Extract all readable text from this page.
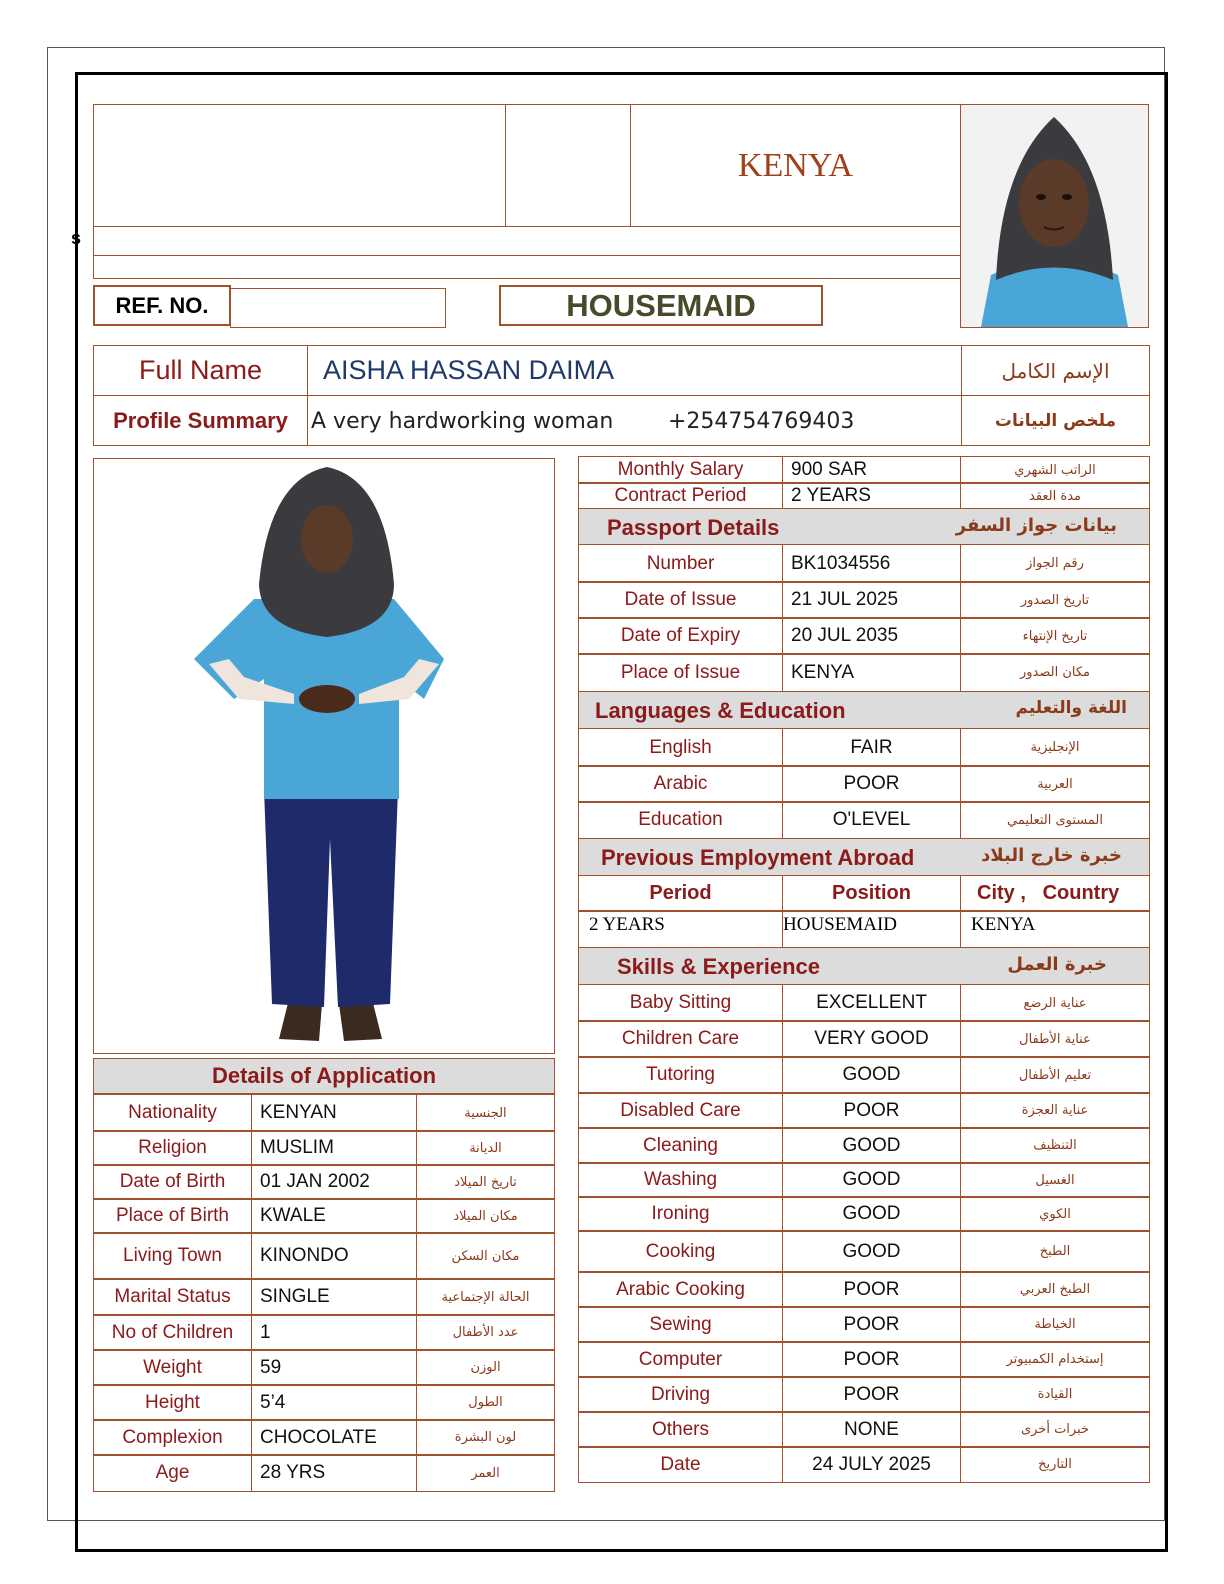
s
KENYA
REF. NO.	HOUSEMAID
Full Name	AISHA HASSAN DAIMA	الإسم الكامل
Profile Summary	A very hardworking woman +254754769403	ملخص البيانات
Details of Application
Nationality	KENYAN	الجنسية
Religion	MUSLIM	الديانة
Date of Birth	01 JAN 2002	تاريخ الميلاد
Place of Birth	KWALE	مكان الميلاد
Living Town	KINONDO	مكان السكن
Marital Status	SINGLE	الحالة الإجتماعية
No of Children	1	عدد الأطفال
Weight	59	الوزن
Height	5’4	الطول
Complexion	CHOCOLATE	لون البشرة
Age	28 YRS	العمر
Monthly Salary	900 SAR	الراتب الشهري
Contract Period	2 YEARS	مدة العقد
Passport Details	بيانات جواز السفر
Number	BK1034556	رقم الجواز
Date of Issue	21 JUL 2025	تاريخ الصدور
Date of Expiry	20 JUL 2035	تاريخ الإنتهاء
Place of Issue	KENYA	مكان الصدور
Languages & Education	اللغة والتعليم
English	FAIR	الإنجليزية
Arabic	POOR	العربية
Education	O'LEVEL	المستوى التعليمي
Previous Employment Abroad	خبرة خارج البلاد
Period	Position	City ,   Country
2 YEARS	HOUSEMAID	KENYA
Skills & Experience	خبرة العمل
Baby Sitting	EXCELLENT	عناية الرضع
Children Care	VERY GOOD	عناية الأطفال
Tutoring	GOOD	تعليم الأطفال
Disabled Care	POOR	عناية العجزة
Cleaning	GOOD	التنظيف
Washing	GOOD	الغسيل
Ironing	GOOD	الكوي
Cooking	GOOD	الطبخ
Arabic Cooking	POOR	الطبخ العربي
Sewing	POOR	الخياطة
Computer	POOR	إستخدام الكمبيوتر
Driving	POOR	القيادة
Others	NONE	خبرات أخرى
Date	24 JULY 2025	التاريخ
